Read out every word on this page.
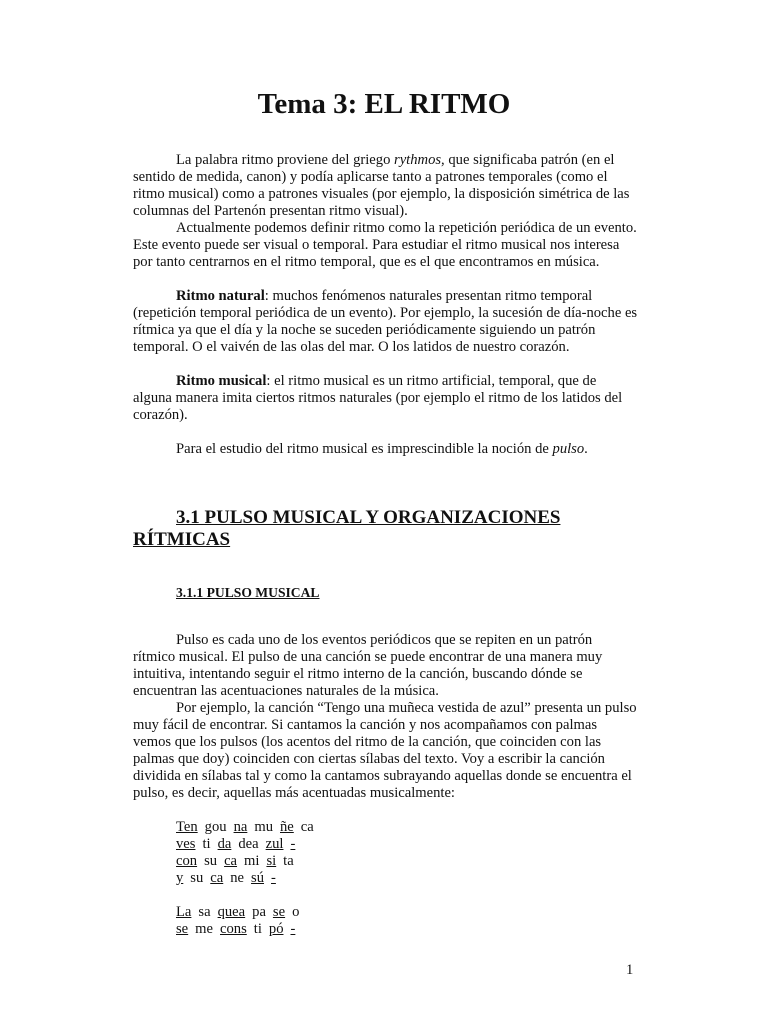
Tema 3: EL RITMO

La palabra ritmo proviene del griego rythmos, que significaba patrón (en el sentido de medida, canon) y podía aplicarse tanto a patrones temporales (como el ritmo musical) como a patrones visuales (por ejemplo, la disposición simétrica de las columnas del Partenón presentan ritmo visual).

Actualmente podemos definir ritmo como la repetición periódica de un evento. Este evento puede ser visual o temporal. Para estudiar el ritmo musical nos interesa por tanto centrarnos en el ritmo temporal, que es el que encontramos en música.

Ritmo natural: muchos fenómenos naturales presentan ritmo temporal (repetición temporal periódica de un evento). Por ejemplo, la sucesión de día-noche es rítmica ya que el día y la noche se suceden periódicamente siguiendo un patrón temporal. O el vaivén de las olas del mar. O los latidos de nuestro corazón.

Ritmo musical: el ritmo musical es un ritmo artificial, temporal, que de alguna manera imita ciertos ritmos naturales (por ejemplo el ritmo de los latidos del corazón).

Para el estudio del ritmo musical es imprescindible la noción de pulso.

3.1 PULSO MUSICAL Y ORGANIZACIONES RÍTMICAS
3.1.1 PULSO MUSICAL

Pulso es cada uno de los eventos periódicos que se repiten en un patrón rítmico musical. El pulso de una canción se puede encontrar de una manera muy intuitiva, intentando seguir el ritmo interno de la canción, buscando dónde se encuentran las acentuaciones naturales de la música.

Por ejemplo, la canción “Tengo una muñeca vestida de azul” presenta un pulso muy fácil de encontrar. Si cantamos la canción y nos acompañamos con palmas vemos que los pulsos (los acentos del ritmo de la canción, que coinciden con las palmas que doy) coinciden con ciertas sílabas del texto. Voy a escribir la canción dividida en sílabas tal y como la cantamos subrayando aquellas donde se encuentra el pulso, es decir, aquellas más acentuadas musicalmente:

Ten gou na mu ñe ca
ves ti da dea zul -
con su ca mi si ta
y su ca ne sú -
La sa quea pa se o
se me cons ti pó -
1
